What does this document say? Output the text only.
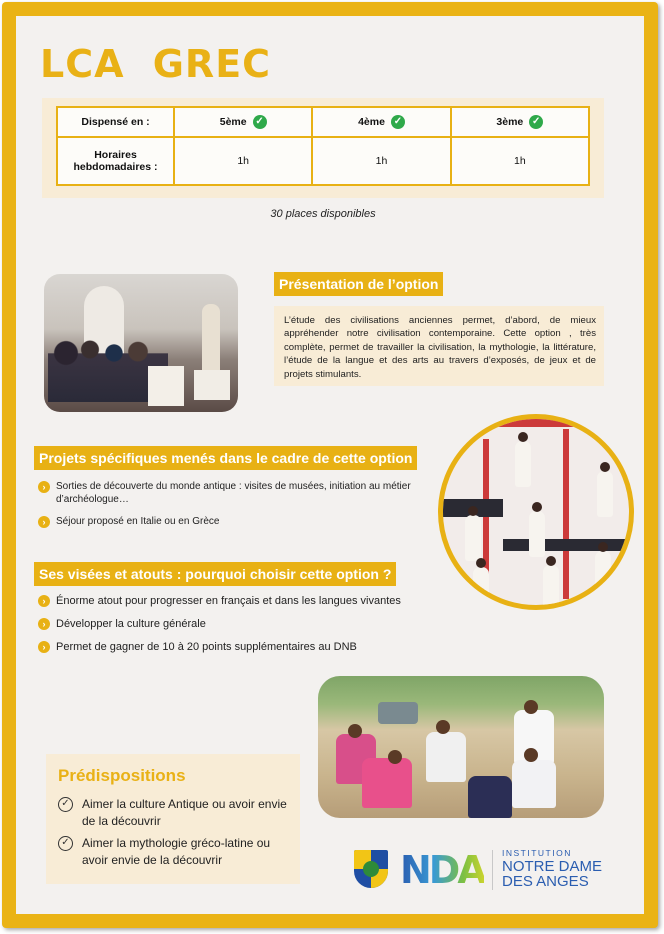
LCA GREC
Dispensé en :	5ème ✓	4ème ✓	3ème ✓
Horaires hebdomadaires :	1h	1h	1h
30 places disponibles
Présentation de l’option
L’étude des civilisations anciennes permet, d’abord, de mieux appréhender notre civilisation contemporaine. Cette option , très complète, permet de travailler la civilisation, la mythologie, la littérature, l’étude de la langue et des arts au travers d’exposés, de jeux et de projets stimulants.
Projets spécifiques menés dans le cadre de cette option
›	Sorties de découverte du monde antique : visites de musées, initiation au métier d’archéologue…
›	Séjour proposé en Italie ou en Grèce
Ses visées et atouts : pourquoi choisir cette option ?
› Énorme atout pour progresser en français et dans les langues vivantes
› Développer la culture générale
› Permet de gagner de 10 à 20 points supplémentaires au DNB
Prédispositions
✓ Aimer la culture Antique ou avoir envie de la découvrir
✓ Aimer la mythologie gréco-latine ou avoir envie de la découvrir	NDA INSTITUTION
NOTRE DAME
DES ANGES
